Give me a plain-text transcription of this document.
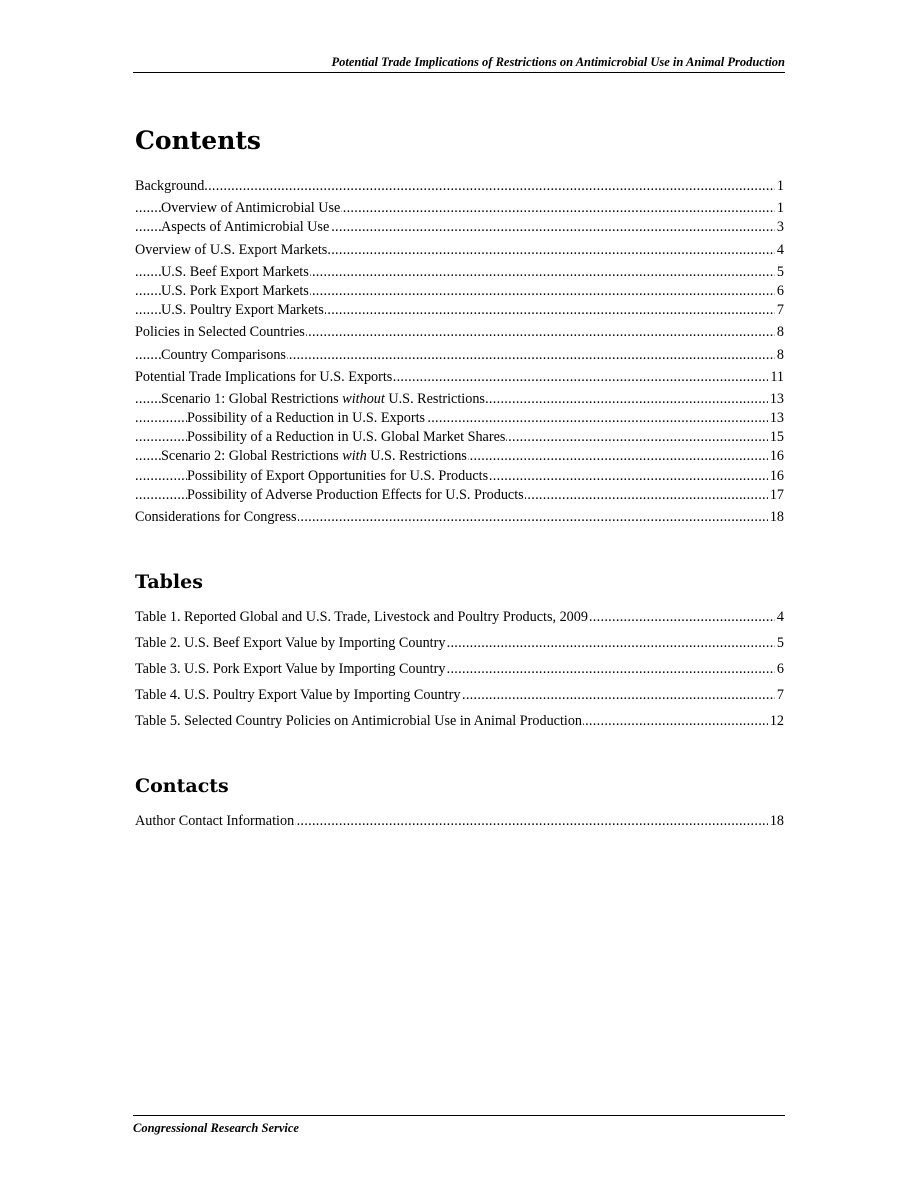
Potential Trade Implications of Restrictions on Antimicrobial Use in Animal Production
Contents
Background	1
.....
Overview of Antimicrobial Use	1
.....
Aspects of Antimicrobial Use	3
.....
Overview of U.S. Export Markets	4
.....
U.S. Beef Export Markets	5
.....
U.S. Pork Export Markets	6
.....
U.S. Poultry Export Markets	7
.....
Policies in Selected Countries	8
.....
Country Comparisons	8
.....
Potential Trade Implications for U.S. Exports	11
.....
Scenario 1: Global Restrictions without U.S. Restrictions	13
.....
Possibility of a Reduction in U.S. Exports	13
.....
Possibility of a Reduction in U.S. Global Market Shares	15
.....
Scenario 2: Global Restrictions with U.S. Restrictions	16
.....
Possibility of Export Opportunities for U.S. Products	16
.....
Possibility of Adverse Production Effects for U.S. Products	17
.....
Considerations for Congress	18
.....
Tables
Table 1. Reported Global and U.S. Trade, Livestock and Poultry Products, 2009	4
.....
Table 2. U.S. Beef Export Value by Importing Country	5
.....
Table 3. U.S. Pork Export Value by Importing Country	6
.....
Table 4. U.S. Poultry Export Value by Importing Country	7
.....
Table 5. Selected Country Policies on Antimicrobial Use in Animal Production	12
.....
Contacts
Author Contact Information	18
.....
Congressional Research Service
